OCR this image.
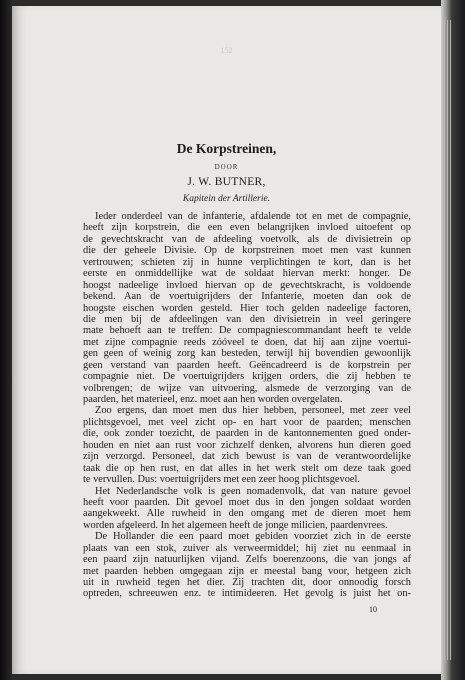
152
De Korpstreinen,
DOOR
J. W. BUTNER,
Kapitein der Artillerie.
Ieder onderdeel van de infanterie, afdalende tot en met de compagnie,
heeft zijn korpstrein, die een even belangrijken invloed uitoefent op
de gevechtskracht van de afdeeling voetvolk, als de divisietrein op
die der geheele Divisie. Op de korpstreinen moet men vast kunnen
vertrouwen; schieten zij in hunne verplichtingen te kort, dan is het
eerste en onmiddellijke wat de soldaat hiervan merkt: honger. De
hoogst nadeelige invloed hiervan op de gevechtskracht, is voldoende
bekend. Aan de voertuigrijders der Infanterie, moeten dan ook de
hoogste eischen worden gesteld. Hier toch gelden nadeelige factoren,
die men bij de afdeelingen van den divisietrein in veel geringere
mate behoeft aan te treffen: De compagniescommandant heeft te velde
met zijne compagnie reeds zóóveel te doen, dat hij aan zijne voertui-
gen geen of weinig zorg kan besteden, terwijl hij bovendien gewoonlijk
geen verstand van paarden heeft. Geëncadreerd is de korpstrein per
compagnie niet. De voertuigrijders krijgen orders, die zij hebben te
volbrengen; de wijze van uitvoering, alsmede de verzorging van de
paarden, het materieel, enz. moet aan hen worden overgelaten.
Zoo ergens, dan moet men dus hier hebben, personeel, met zeer veel
plichtsgevoel, met veel zicht op- en hart voor de paarden; menschen
die, ook zonder toezicht, de paarden in de kantonnementen goed onder-
houden en niet aan rust voor zichzelf denken, alvorens hun dieren goed
zijn verzorgd. Personeel, dat zich bewust is van de verantwoordelijke
taak die op hen rust, en dat alles in het werk stelt om deze taak goed
te vervullen. Dus: voertuigrijders met een zeer hoog plichtsgevoel.
Het Nederlandsche volk is geen nomadenvolk, dat van nature gevoel
heeft voor paarden. Dit gevoel moet dus in den jongen soldaat worden
aangekweekt. Alle ruwheid in den omgang met de dieren moet hem
worden afgeleerd. In het algemeen heeft de jonge milicien, paardenvrees.
De Hollander die een paard moet gebiden voorziet zich in de eerste
plaats van een stok, zuiver als verweermiddel; hij ziet nu eenmaal in
een paard zijn natuurlijken vijand. Zelfs boerenzoons, die van jongs af
met paarden hebben omgegaan zijn er meestal bang voor, hetgeen zich
uit in ruwheid tegen het dier. Zij trachten dit, door onnoodig forsch
optreden, schreeuwen enz. te intimideeren. Het gevolg is juist het on-
10
